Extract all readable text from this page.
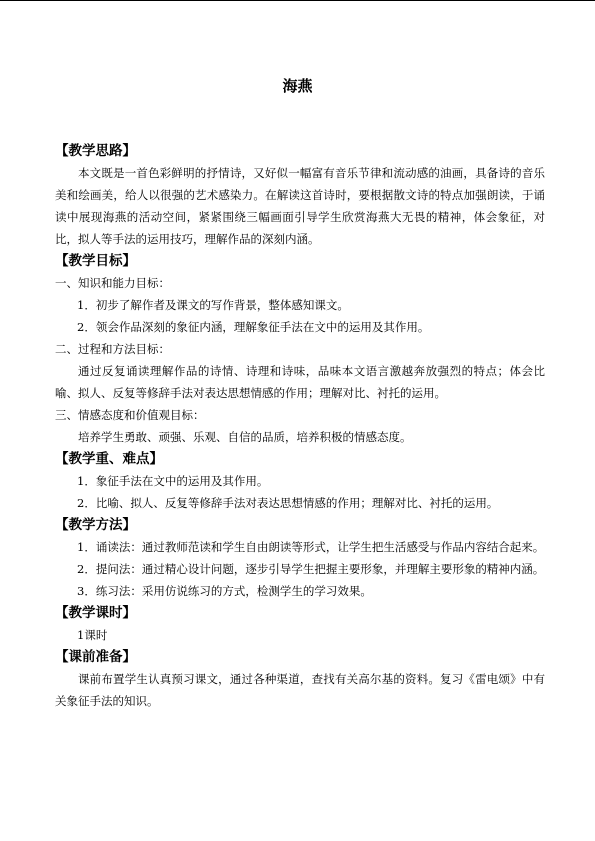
海燕
【教学思路】

本文既是一首色彩鲜明的抒情诗，又好似一幅富有音乐节律和流动感的油画，具备诗的音乐美和绘画美，给人以很强的艺术感染力。在解读这首诗时，要根据散文诗的特点加强朗读，于诵读中展现海燕的活动空间，紧紧围绕三幅画面引导学生欣赏海燕大无畏的精神，体会象征，对比，拟人等手法的运用技巧，理解作品的深刻内涵。

【教学目标】

一、知识和能力目标：

1．初步了解作者及课文的写作背景，整体感知课文。

2．领会作品深刻的象征内涵，理解象征手法在文中的运用及其作用。

二、过程和方法目标：

通过反复诵读理解作品的诗情、诗理和诗味，品味本文语言激越奔放强烈的特点；体会比喻、拟人、反复等修辞手法对表达思想情感的作用；理解对比、衬托的运用。

三、情感态度和价值观目标：

培养学生勇敢、顽强、乐观、自信的品质，培养积极的情感态度。

【教学重、难点】

1．象征手法在文中的运用及其作用。

2．比喻、拟人、反复等修辞手法对表达思想情感的作用；理解对比、衬托的运用。

【教学方法】

1．诵读法：通过教师范读和学生自由朗读等形式，让学生把生活感受与作品内容结合起来。

2．提问法：通过精心设计问题，逐步引导学生把握主要形象，并理解主要形象的精神内涵。

3．练习法：采用仿说练习的方式，检测学生的学习效果。

【教学课时】

1课时

【课前准备】

课前布置学生认真预习课文，通过各种渠道，查找有关高尔基的资料。复习《雷电颂》中有关象征手法的知识。
